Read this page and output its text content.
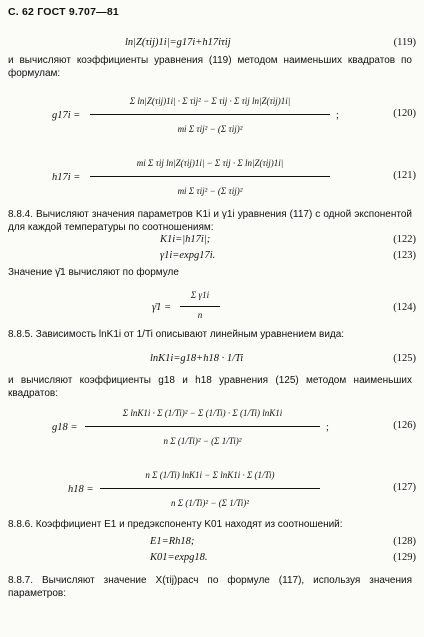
С. 62 ГОСТ 9.707—81
ln|Z(τij)1i|=g17i+h17iτij	(119)
и вычисляют коэффициенты уравнения (119) методом наименьших квадратов по формулам:
g17i =
Σ ln|Z(τij)1i| · Σ τij² − Σ τij · Σ τij ln|Z(τij)1i|
mi Σ τij² − (Σ τij)²
;	(120)
h17i =
mi Σ τij ln|Z(τij)1i| − Σ τij · Σ ln|Z(τij)1i|
mi Σ τij² − (Σ τij)²
(121)
8.8.4. Вычисляют значения параметров K1i и γ1i уравнения (117) с одной экспонентой для каждой температуры по соотношениям:
K1i=|h17i|;	(122)
γ1i=expg17i.	(123)
Значение γ̄1 вычисляют по формуле
γ̄1 =
Σ γ1i
n
(124)
8.8.5. Зависимость lnK1i от 1/Ti описывают линейным уравнением вида:
lnK1i=g18+h18 · 1/Ti	(125)
и вычисляют коэффициенты g18 и h18 уравнения (125) методом наименьших квадратов:
g18 =
Σ lnK1i · Σ (1/Ti)² − Σ (1/Ti) · Σ (1/Ti) lnK1i
n Σ (1/Ti)² − (Σ 1/Ti)²
;	(126)
h18 =
n Σ (1/Ti) lnK1i − Σ lnK1i · Σ (1/Ti)
n Σ (1/Ti)² − (Σ 1/Ti)²
(127)
8.8.6. Коэффициент E1 и предэкспоненту K01 находят из соотношений:
E1=Rh18;	(128)
K01=expg18.	(129)
8.8.7. Вычисляют значение X(τij)расч по формуле (117), используя значения параметров:
